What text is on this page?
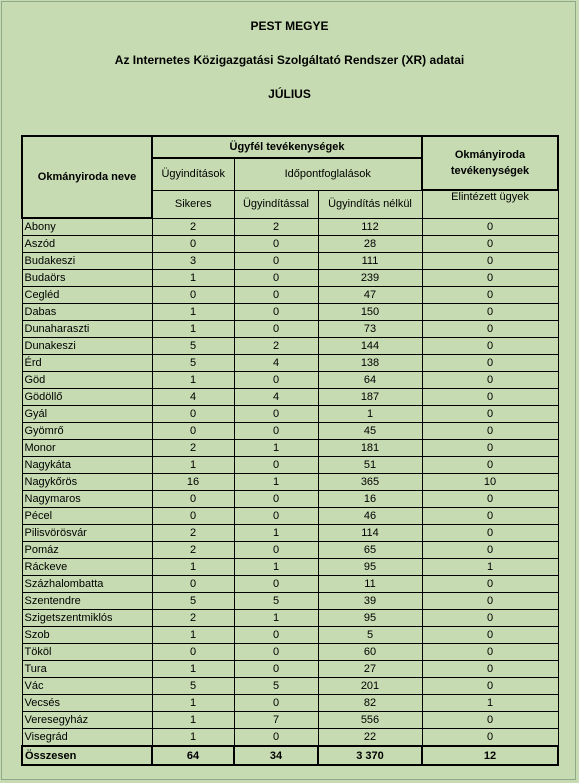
PEST MEGYE
Az Internetes Közigazgatási Szolgáltató Rendszer (XR) adatai
JÚLIUS
Okmányiroda neve	Ügyfél tevékenységek			Okmányiroda tevékenységek
	Ügyindítások	Időpontfoglalások		
	Sikeres	Ügyindítással	Ügyindítás nélkül	Elintézett ügyek
Abony	2	2	112	0
Aszód	0	0	28	0
Budakeszi	3	0	111	0
Budaörs	1	0	239	0
Cegléd	0	0	47	0
Dabas	1	0	150	0
Dunaharaszti	1	0	73	0
Dunakeszi	5	2	144	0
Érd	5	4	138	0
Göd	1	0	64	0
Gödöllő	4	4	187	0
Gyál	0	0	1	0
Gyömrő	0	0	45	0
Monor	2	1	181	0
Nagykáta	1	0	51	0
Nagykőrös	16	1	365	10
Nagymaros	0	0	16	0
Pécel	0	0	46	0
Pilisvörösvár	2	1	114	0
Pomáz	2	0	65	0
Ráckeve	1	1	95	1
Százhalombatta	0	0	11	0
Szentendre	5	5	39	0
Szigetszentmiklós	2	1	95	0
Szob	1	0	5	0
Tököl	0	0	60	0
Tura	1	0	27	0
Vác	5	5	201	0
Vecsés	1	0	82	1
Veresegyház	1	7	556	0
Visegrád	1	0	22	0
Összesen	64	34	3 370	12
